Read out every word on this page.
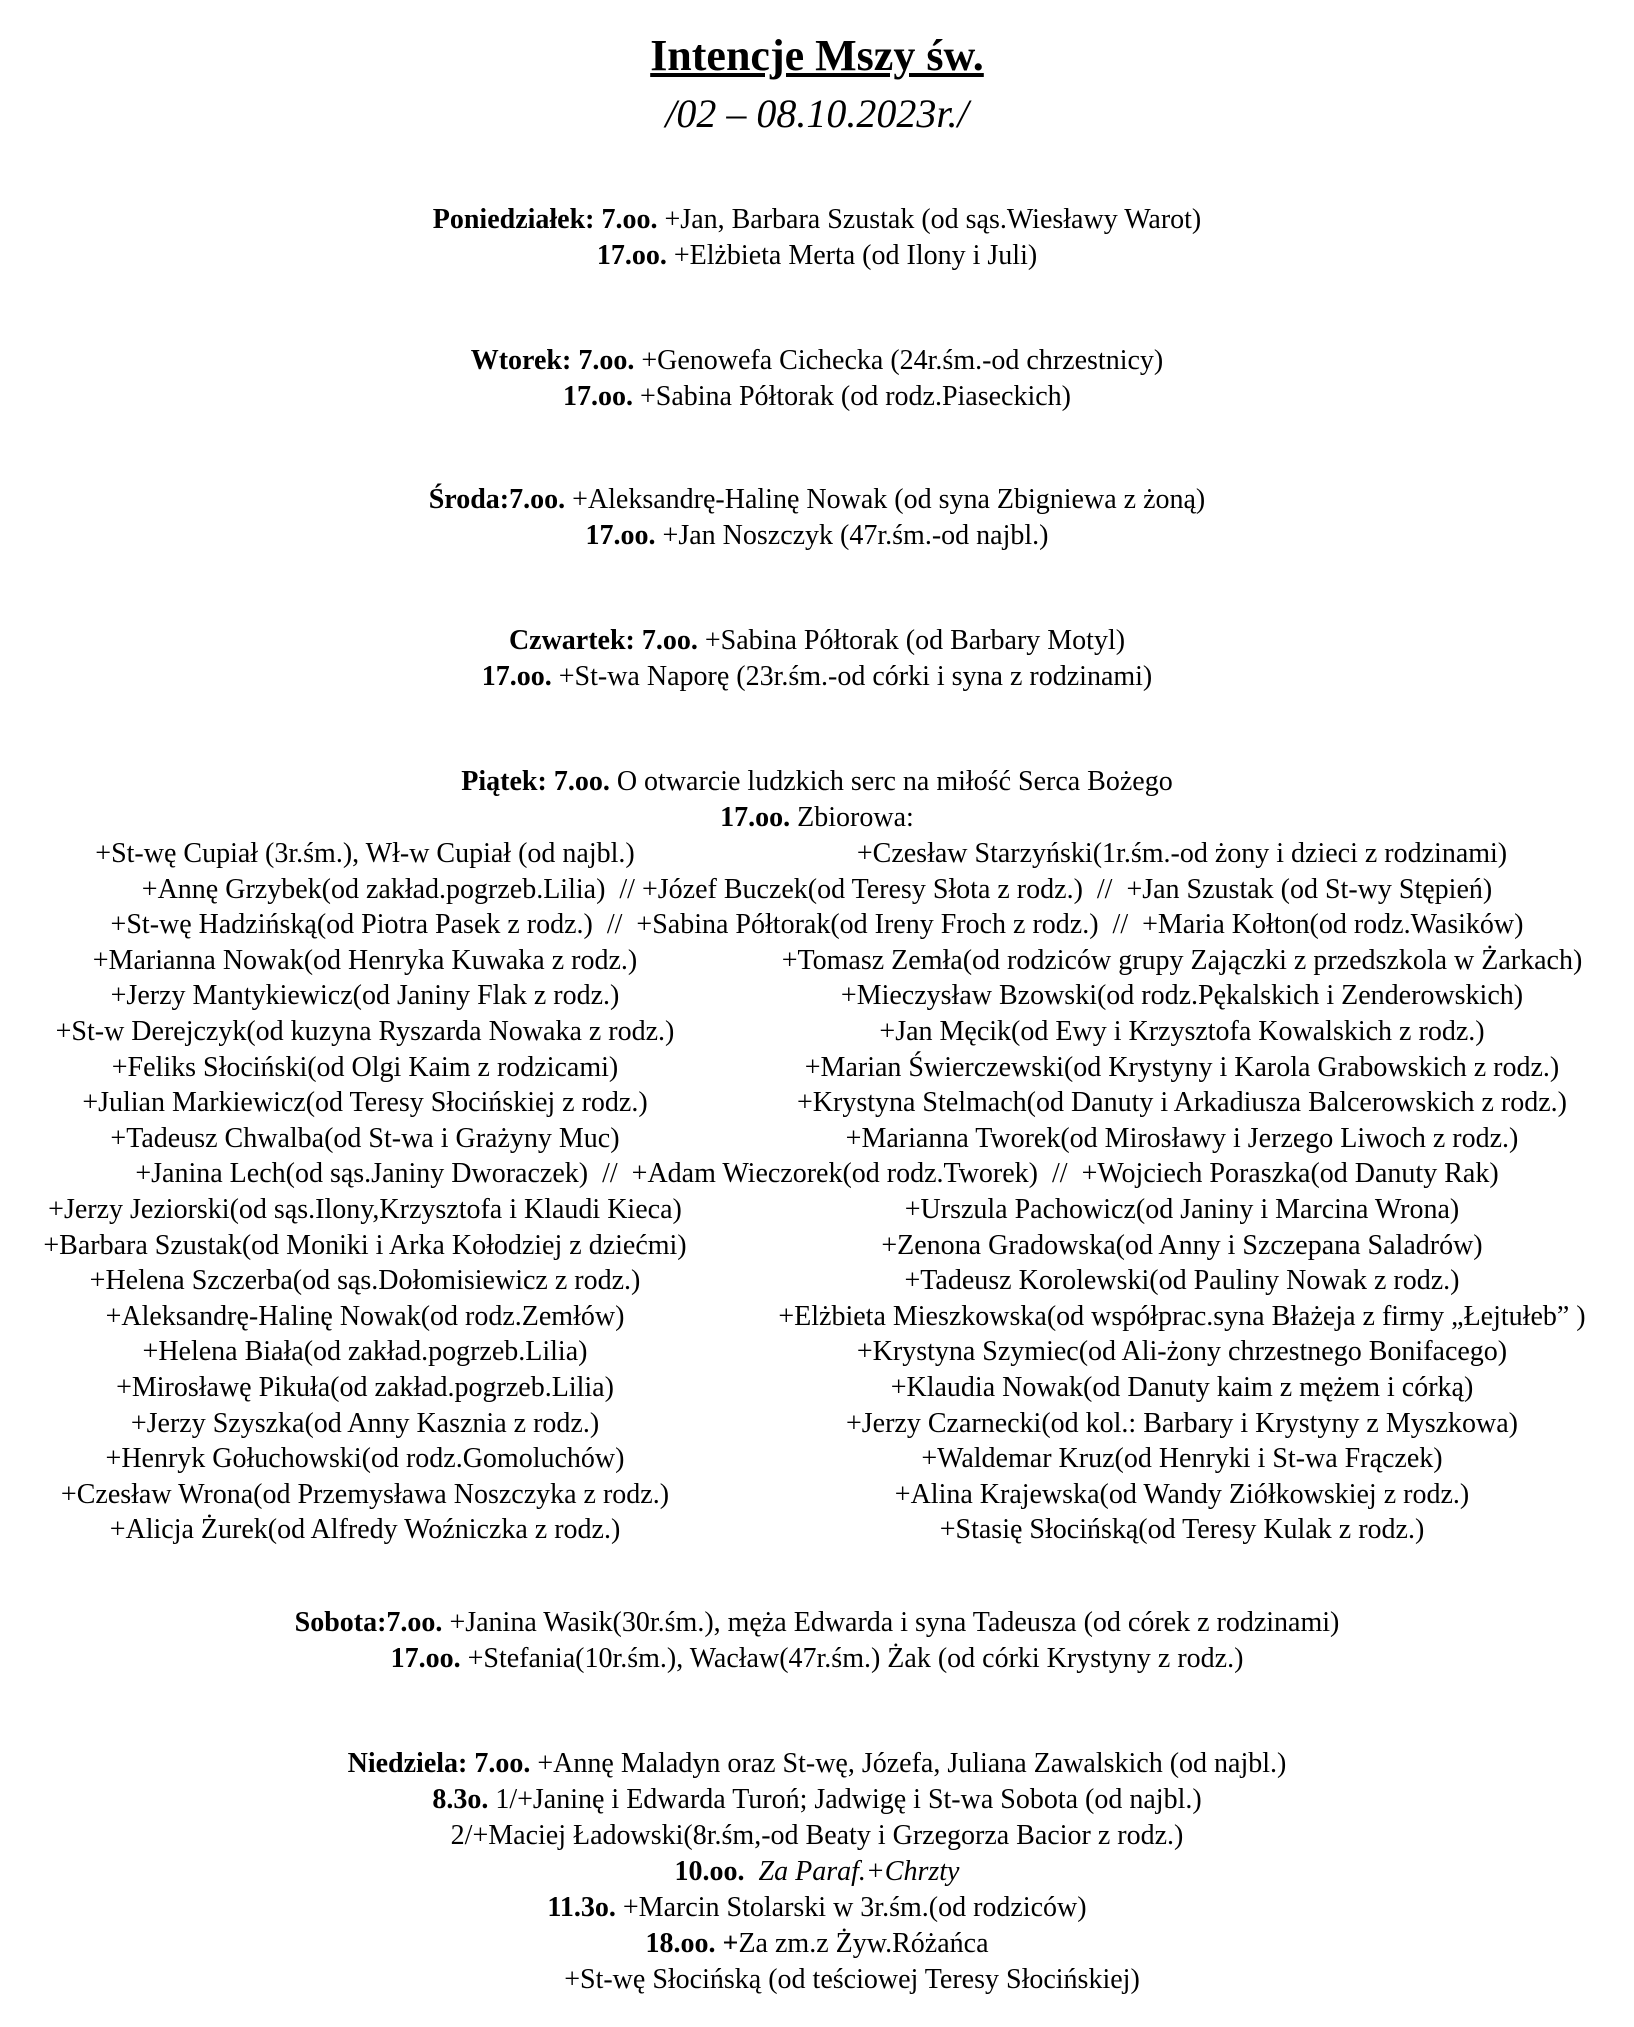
Intencje Mszy św.
/02 – 08.10.2023r./
Poniedziałek: 7.oo. +Jan, Barbara Szustak (od sąs.Wiesławy Warot)
17.oo. +Elżbieta Merta (od Ilony i Juli)
Wtorek: 7.oo. +Genowefa Cichecka (24r.śm.-od chrzestnicy)
17.oo. +Sabina Półtorak (od rodz.Piaseckich)
Środa:7.oo. +Aleksandrę-Halinę Nowak (od syna Zbigniewa z żoną)
17.oo. +Jan Noszczyk (47r.śm.-od najbl.)
Czwartek: 7.oo. +Sabina Półtorak (od Barbary Motyl)
17.oo. +St-wa Naporę (23r.śm.-od córki i syna z rodzinami)
Piątek: 7.oo. O otwarcie ludzkich serc na miłość Serca Bożego
17.oo. Zbiorowa:
+St-wę Cupiał (3r.śm.), Wł-w Cupiał (od najbl.)	+Czesław Starzyński(1r.śm.-od żony i dzieci z rodzinami)
+Annę Grzybek(od zakład.pogrzeb.Lilia)  // +Józef Buczek(od Teresy Słota z rodz.)  //  +Jan Szustak (od St-wy Stępień)
+St-wę Hadzińską(od Piotra Pasek z rodz.)  //  +Sabina Półtorak(od Ireny Froch z rodz.)  //  +Maria Kołton(od rodz.Wasików)
+Marianna Nowak(od Henryka Kuwaka z rodz.)	+Tomasz Zemła(od rodziców grupy Zajączki z przedszkola w Żarkach)
+Jerzy Mantykiewicz(od Janiny Flak z rodz.)	+Mieczysław Bzowski(od rodz.Pękalskich i Zenderowskich)
+St-w Derejczyk(od kuzyna Ryszarda Nowaka z rodz.)	+Jan Męcik(od Ewy i Krzysztofa Kowalskich z rodz.)
+Feliks Słociński(od Olgi Kaim z rodzicami)	+Marian Świerczewski(od Krystyny i Karola Grabowskich z rodz.)
+Julian Markiewicz(od Teresy Słocińskiej z rodz.)	+Krystyna Stelmach(od Danuty i Arkadiusza Balcerowskich z rodz.)
+Tadeusz Chwalba(od St-wa i Grażyny Muc)	+Marianna Tworek(od Mirosławy i Jerzego Liwoch z rodz.)
+Janina Lech(od sąs.Janiny Dworaczek)  //  +Adam Wieczorek(od rodz.Tworek)  //  +Wojciech Poraszka(od Danuty Rak)
+Jerzy Jeziorski(od sąs.Ilony,Krzysztofa i Klaudi Kieca)	+Urszula Pachowicz(od Janiny i Marcina Wrona)
+Barbara Szustak(od Moniki i Arka Kołodziej z dziećmi)	+Zenona Gradowska(od Anny i Szczepana Saladrów)
+Helena Szczerba(od sąs.Dołomisiewicz z rodz.)	+Tadeusz Korolewski(od Pauliny Nowak z rodz.)
+Aleksandrę-Halinę Nowak(od rodz.Zemłów)	+Elżbieta Mieszkowska(od współprac.syna Błażeja z firmy „Łejtułeb” )
+Helena Biała(od zakład.pogrzeb.Lilia)	+Krystyna Szymiec(od Ali-żony chrzestnego Bonifacego)
+Mirosławę Pikuła(od zakład.pogrzeb.Lilia)	+Klaudia Nowak(od Danuty kaim z mężem i córką)
+Jerzy Szyszka(od Anny Kasznia z rodz.)	+Jerzy Czarnecki(od kol.: Barbary i Krystyny z Myszkowa)
+Henryk Gołuchowski(od rodz.Gomoluchów)	+Waldemar Kruz(od Henryki i St-wa Frączek)
+Czesław Wrona(od Przemysława Noszczyka z rodz.)	+Alina Krajewska(od Wandy Ziółkowskiej z rodz.)
+Alicja Żurek(od Alfredy Woźniczka z rodz.)	+Stasię Słocińską(od Teresy Kulak z rodz.)
Sobota:7.oo. +Janina Wasik(30r.śm.), męża Edwarda i syna Tadeusza (od córek z rodzinami)
17.oo. +Stefania(10r.śm.), Wacław(47r.śm.) Żak (od córki Krystyny z rodz.)
Niedziela: 7.oo. +Annę Maladyn oraz St-wę, Józefa, Juliana Zawalskich (od najbl.)
8.3o. 1/+Janinę i Edwarda Turoń; Jadwigę i St-wa Sobota (od najbl.)
2/+Maciej Ładowski(8r.śm,-od Beaty i Grzegorza Bacior z rodz.)
10.oo. Za Paraf.+Chrzty
11.3o. +Marcin Stolarski w 3r.śm.(od rodziców)
18.oo. +Za zm.z Żyw.Różańca
+St-wę Słocińską (od teściowej Teresy Słocińskiej)
